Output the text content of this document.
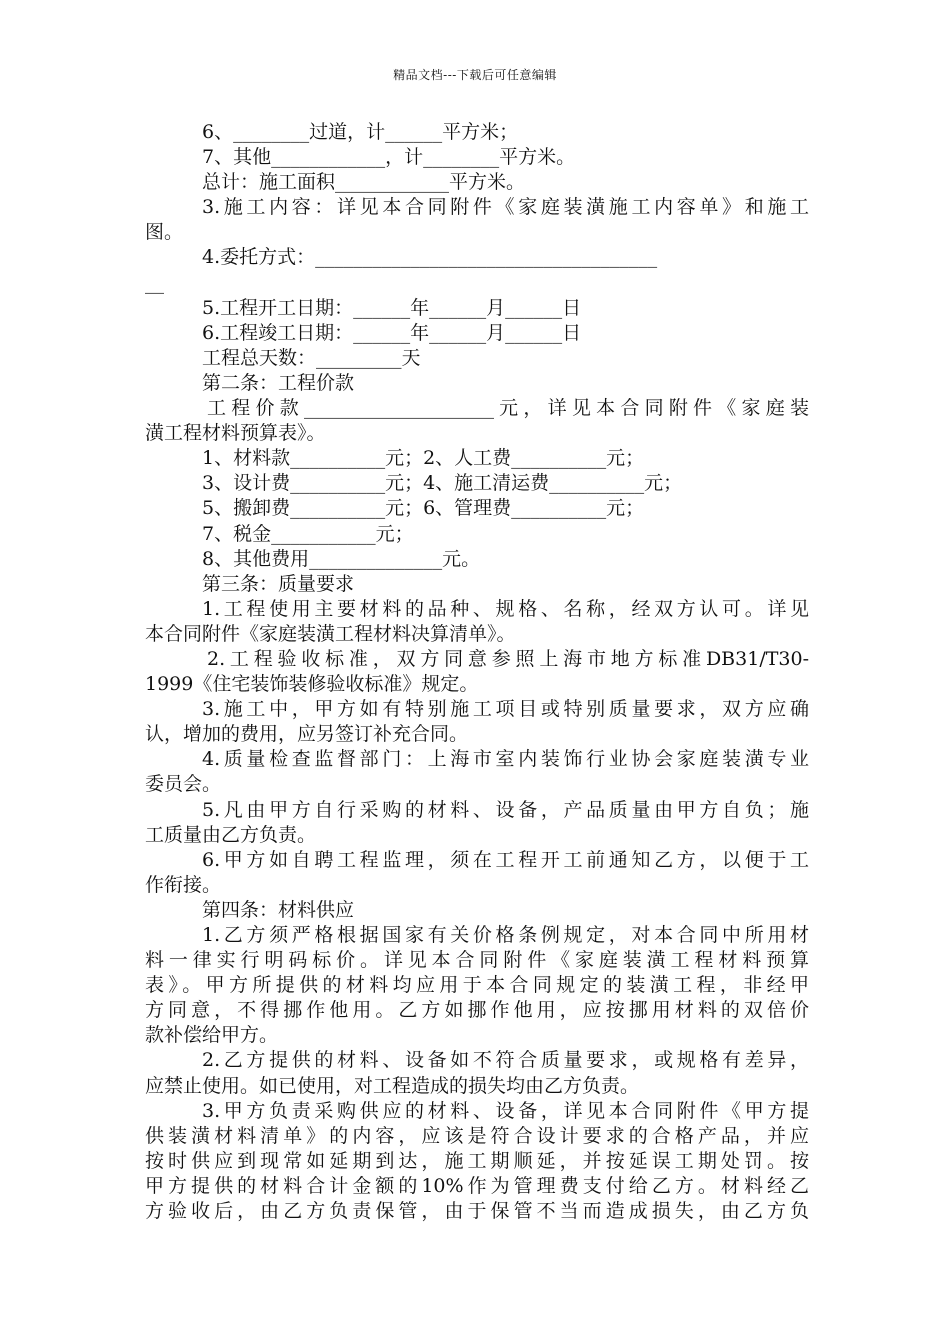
精品文档---下载后可任意编辑
6、________过道，计______平方米；
7、其他____________，计________平方米。
总计：施工面积____________平方米。
3.施工内容：详见本合同附件《家庭装潢施工内容单》和施工
图。
4.委托方式：____________________________________
__
5.工程开工日期：______年______月______日
6.工程竣工日期：______年______月______日
工程总天数：_________天
第二条：工程价款
工程价款____________________元，详见本合同附件《家庭装
潢工程材料预算表》。
1、材料款__________元；2、人工费__________元；
3、设计费__________元；4、施工清运费__________元；
5、搬卸费__________元；6、管理费__________元；
7、税金___________元；
8、其他费用______________元。
第三条：质量要求
1.工程使用主要材料的品种、规格、名称，经双方认可。详见
本合同附件《家庭装潢工程材料决算清单》。
2.工程验收标准，双方同意参照上海市地方标准DB31/T30-
1999《住宅装饰装修验收标准》规定。
3.施工中，甲方如有特别施工项目或特别质量要求，双方应确
认，增加的费用，应另签订补充合同。
4.质量检查监督部门：上海市室内装饰行业协会家庭装潢专业
委员会。
5.凡由甲方自行采购的材料、设备，产品质量由甲方自负；施
工质量由乙方负责。
6.甲方如自聘工程监理，须在工程开工前通知乙方，以便于工
作衔接。
第四条：材料供应
1.乙方须严格根据国家有关价格条例规定，对本合同中所用材
料一律实行明码标价。详见本合同附件《家庭装潢工程材料预算
表》。甲方所提供的材料均应用于本合同规定的装潢工程，非经甲
方同意，不得挪作他用。乙方如挪作他用，应按挪用材料的双倍价
款补偿给甲方。
2.乙方提供的材料、设备如不符合质量要求，或规格有差异，
应禁止使用。如已使用，对工程造成的损失均由乙方负责。
3.甲方负责采购供应的材料、设备，详见本合同附件《甲方提
供装潢材料清单》的内容，应该是符合设计要求的合格产品，并应
按时供应到现常如延期到达，施工期顺延，并按延误工期处罚。按
甲方提供的材料合计金额的10%作为管理费支付给乙方。材料经乙
方验收后，由乙方负责保管，由于保管不当而造成损失，由乙方负
